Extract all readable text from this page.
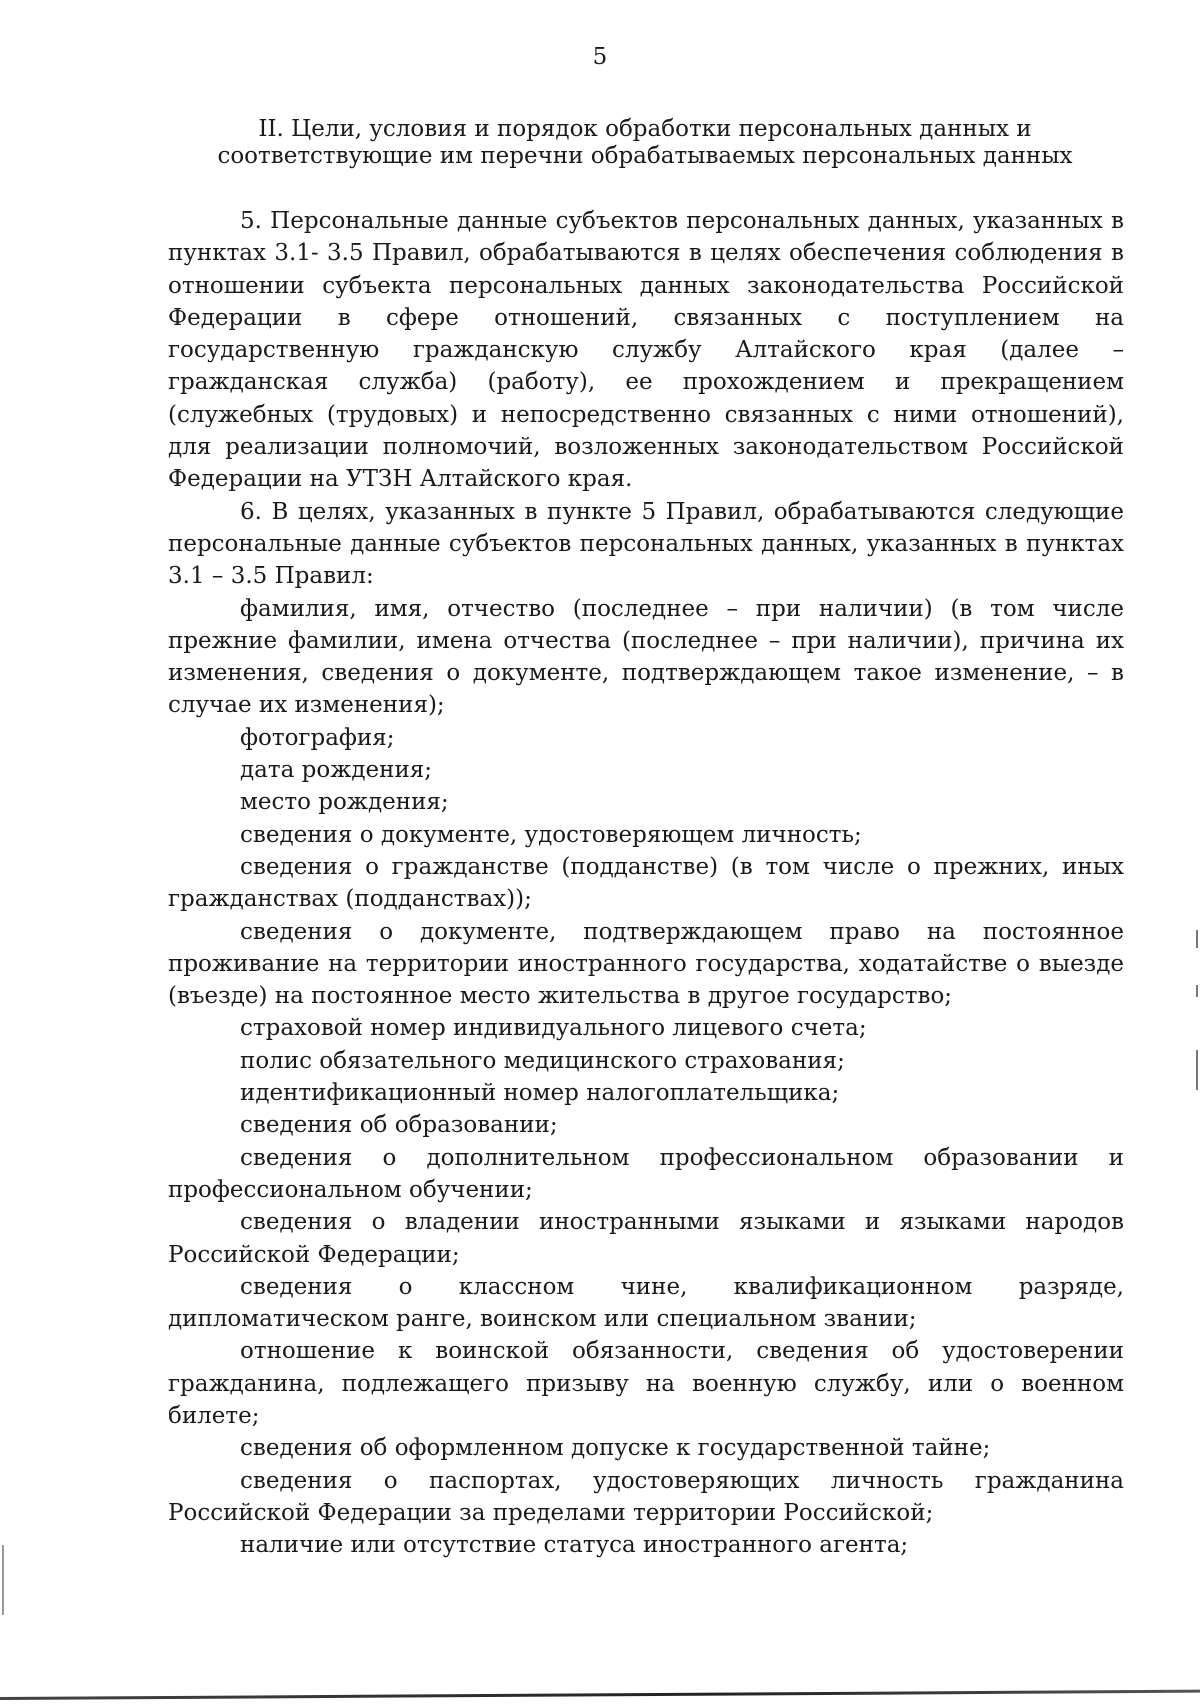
5
II. Цели, условия и порядок обработки персональных данных и
соответствующие им перечни обрабатываемых персональных данных

5. Персональные данные субъектов персональных данных, указанных в пунктах 3.1- 3.5 Правил, обрабатываются в целях обеспечения соблюдения в отношении субъекта персональных данных законодательства Российской Федерации в сфере отношений, связанных с поступлением на государственную гражданскую службу Алтайского края (далее – гражданская служба) (работу), ее прохождением и прекращением (служебных (трудовых) и непосредственно связанных с ними отношений), для реализации полномочий, возложенных законодательством Российской Федерации на УТЗН Алтайского края.

6. В целях, указанных в пункте 5 Правил, обрабатываются следующие персональные данные субъектов персональных данных, указанных в пунктах 3.1 – 3.5 Правил:

фамилия, имя, отчество (последнее – при наличии) (в том числе прежние фамилии, имена отчества (последнее – при наличии), причина их изменения, сведения о документе, подтверждающем такое изменение, – в случае их изменения);

фотография;

дата рождения;

место рождения;

сведения о документе, удостоверяющем личность;

сведения о гражданстве (подданстве) (в том числе о прежних, иных гражданствах (подданствах));

сведения о документе, подтверждающем право на постоянное проживание на территории иностранного государства, ходатайстве о выезде (въезде) на постоянное место жительства в другое государство;

страховой номер индивидуального лицевого счета;

полис обязательного медицинского страхования;

идентификационный номер налогоплательщика;

сведения об образовании;

сведения о дополнительном профессиональном образовании и профессиональном обучении;

сведения о владении иностранными языками и языками народов Российской Федерации;

сведения о классном чине, квалификационном разряде, дипломатическом ранге, воинском или специальном звании;

отношение к воинской обязанности, сведения об удостоверении гражданина, подлежащего призыву на военную службу, или о военном билете;

сведения об оформленном допуске к государственной тайне;

сведения о паспортах, удостоверяющих личность гражданина Российской Федерации за пределами территории Российской;

наличие или отсутствие статуса иностранного агента;
